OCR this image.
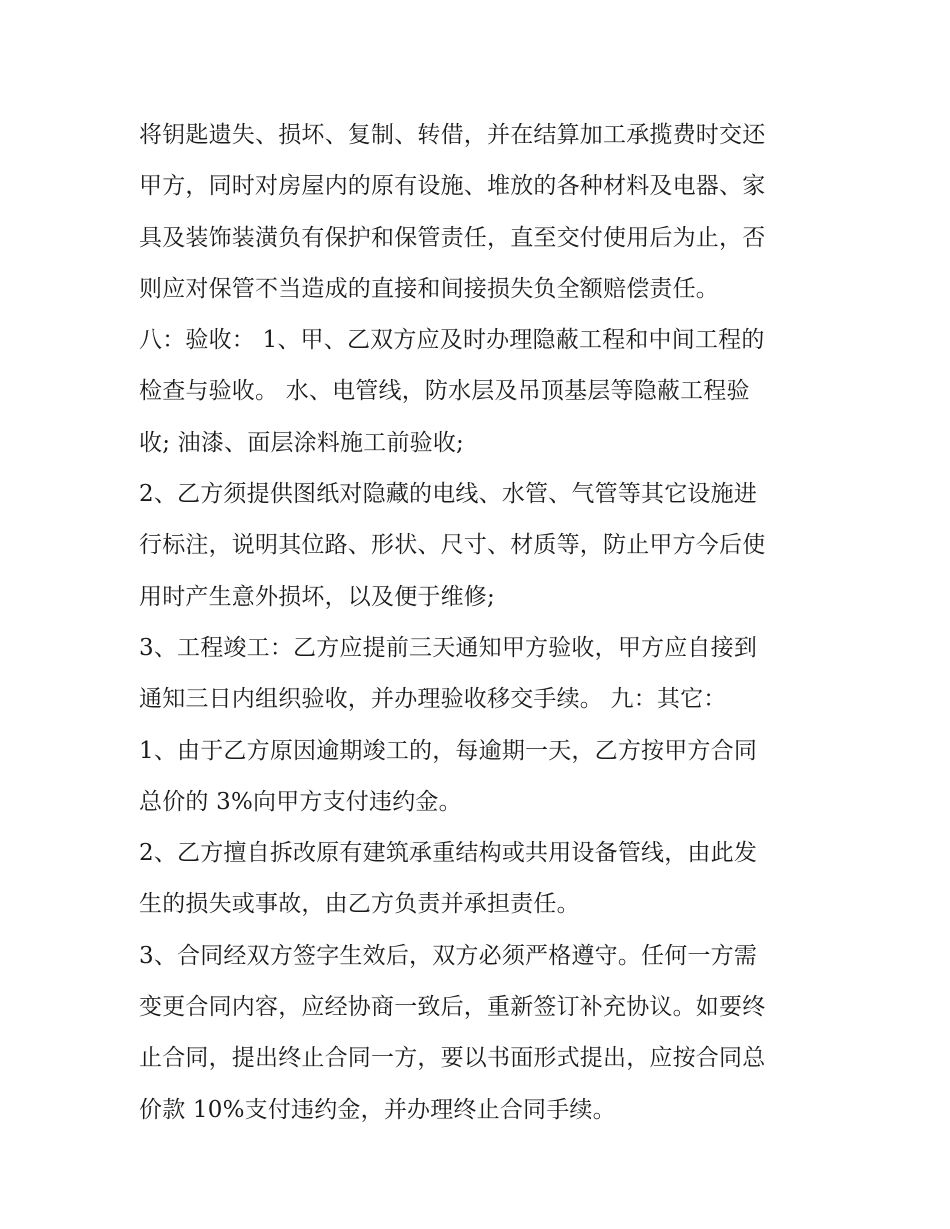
将钥匙遗失、损坏、复制、转借，并在结算加工承揽费时交还
甲方，同时对房屋内的原有设施、堆放的各种材料及电器、家
具及装饰装潢负有保护和保管责任，直至交付使用后为止，否
则应对保管不当造成的直接和间接损失负全额赔偿责任。

八：验收： 1、甲、乙双方应及时办理隐蔽工程和中间工程的
检查与验收。 水、电管线，防水层及吊顶基层等隐蔽工程验
收; 油漆、面层涂料施工前验收;

2、乙方须提供图纸对隐藏的电线、水管、气管等其它设施进
行标注，说明其位路、形状、尺寸、材质等，防止甲方今后使
用时产生意外损坏，以及便于维修;

3、工程竣工：乙方应提前三天通知甲方验收，甲方应自接到
通知三日内组织验收，并办理验收移交手续。 九：其它：

1、由于乙方原因逾期竣工的，每逾期一天，乙方按甲方合同
总价的 3%向甲方支付违约金。

2、乙方擅自拆改原有建筑承重结构或共用设备管线，由此发
生的损失或事故，由乙方负责并承担责任。

3、合同经双方签字生效后，双方必须严格遵守。任何一方需
变更合同内容，应经协商一致后，重新签订补充协议。如要终
止合同，提出终止合同一方，要以书面形式提出，应按合同总
价款 10%支付违约金，并办理终止合同手续。
